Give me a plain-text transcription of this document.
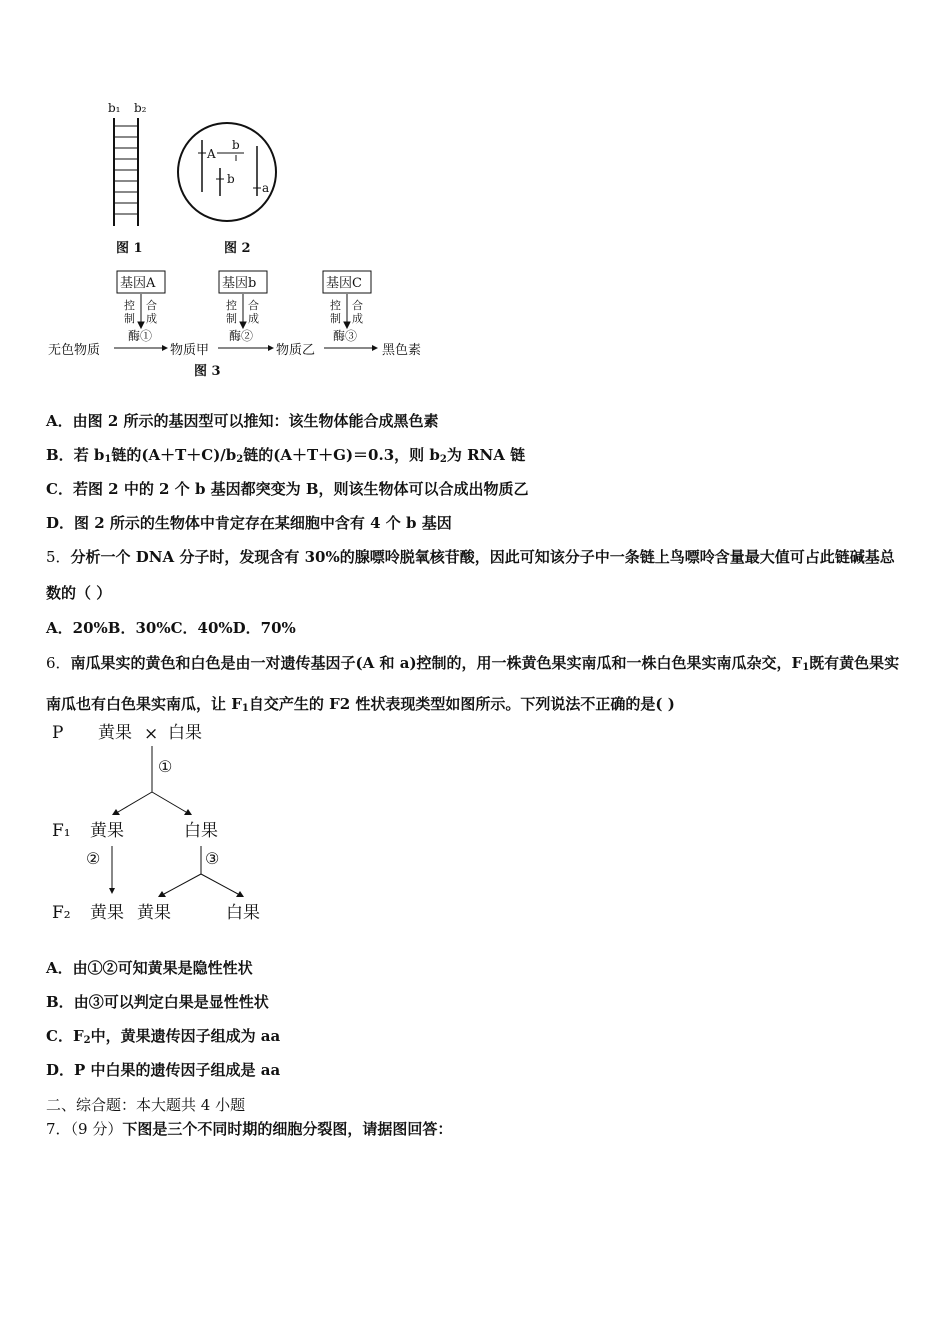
b₁ b₂
图 1
A
b
b
a
图 2
基因A	基因b	基因C
控
制
合
成
控
制
合
成
控
制
合
成
酶①	酶②	酶③
无色物质	物质甲	物质乙	黑色素
图 3
A．由图 2 所示的基因型可以推知：该生物体能合成黑色素
B．若 $b_1$链的$(A+T+C)/b_2$链的(A＋T＋G)＝0.3，则 $b_2$为 RNA 链
C．若图 2 中的 2 个 b 基因都突变为 B，则该生物体可以合成出物质乙
D．图 2 所示的生物体中肯定存在某细胞中含有 4 个 b 基因
5．分析一个 DNA 分子时，发现含有 30%的腺嘌呤脱氧核苷酸，因此可知该分子中一条链上鸟嘌呤含量最大值可占此链碱基总数的（ ）
A．20%B．30%C．40%D．70%
6．南瓜果实的黄色和白色是由一对遗传基因子(A 和 a)控制的，用一株黄色果实南瓜和一株白色果实南瓜杂交，$F_1$既有黄色果实南瓜也有白色果实南瓜，让 $F_1$自交产生的 F2 性状表现类型如图所示。下列说法不正确的是( )
P 黄果 × 白果
①
F₁ 黄果	白果
②	③
F₂ 黄果 黄果	白果
A．由①②可知黄果是隐性性状
B．由③可以判定白果是显性性状
C．$F_2$中，黄果遗传因子组成为 aa
D．P 中白果的遗传因子组成是 aa
二、综合题：本大题共 4 小题
7．（9 分）下图是三个不同时期的细胞分裂图，请据图回答：
